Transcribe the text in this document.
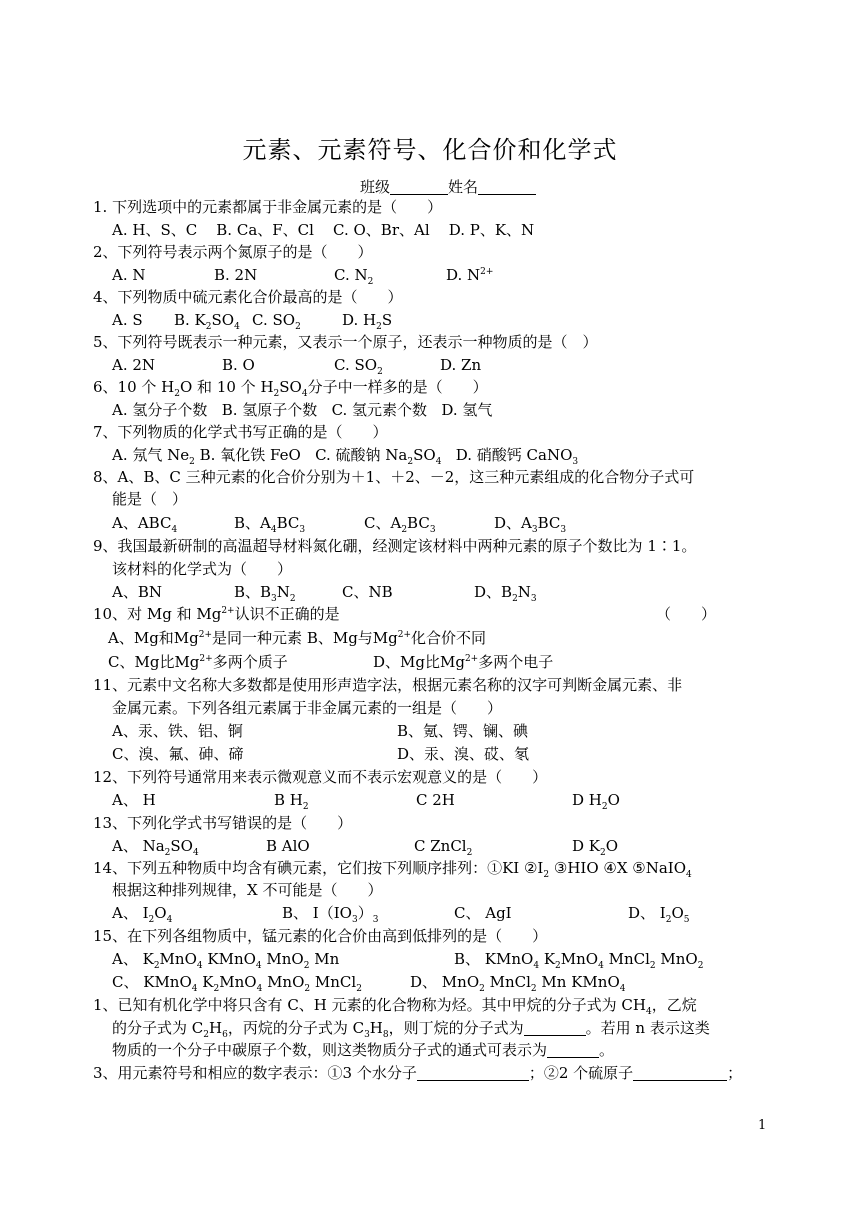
元素、元素符号、化合价和化学式
班级	姓名
1. 下列选项中的元素都属于非金属元素的是（　　）
A. H、S、C B. Ca、F、Cl C. O、Br、Al D. P、K、N
2、下列符号表示两个氮原子的是（　　）
A. N	B. 2N	C. $N_2$	D. $N^{2+}$
4、下列物质中硫元素化合价最高的是（　　）
A. S B. $K_2SO_4$ C. $SO_2$	D. $H_2S$
5、下列符号既表示一种元素，又表示一个原子，还表示一种物质的是（　）
A. 2N	B. O	C. $SO_2$	D. Zn
6、10 个 $H_2O$ 和 10 个 $H_2SO_4$分子中一样多的是（　　）
A. 氢分子个数 B. 氢原子个数 C. 氢元素个数 D. 氢气
7、下列物质的化学式书写正确的是（　　）
A. 氖气 $Ne_2$ B. 氧化铁 FeO C. 硫酸钠 $Na_2SO_4$ D. 硝酸钙 CaNO$_3$
8、A、B、C 三种元素的化合价分别为＋1、＋2、－2，这三种元素组成的化合物分子式可
能是（　）
A、$ABC_4$	B、$A_4BC_3$	C、$A_2BC_3$	D、$A_3BC_3$
9、我国最新研制的高温超导材料氮化硼，经测定该材料中两种元素的原子个数比为 1∶1。
该材料的化学式为（　　）
A、BN	B、$B_3N_2$	C、NB	D、$B_2N_3$
10、对 Mg 和 $Mg^{2+}$认识不正确的是	（　　）
A、Mg和$Mg^{2+}$是同一种元素 B、Mg与$Mg^{2+}$化合价不同
C、Mg比$Mg^{2+}$多两个质子	D、Mg比$Mg^{2+}$多两个电子
11、元素中文名称大多数都是使用形声造字法，根据元素名称的汉字可判断金属元素、非
金属元素。下列各组元素属于非金属元素的一组是（　　）
A、汞、铁、铝、锕	B、氪、锷、镧、碘
C、溴、氟、砷、碲	D、汞、溴、砹、氡
12、下列符号通常用来表示微观意义而不表示宏观意义的是（　　）
A、 H	B $H_2$	C 2H	D $H_2O$
13、下列化学式书写错误的是（　　）
A、 $Na_2SO_4$	B AlO	C ZnCl$_2$	D $K_2O$
14、下列五种物质中均含有碘元素，它们按下列顺序排列：①KI $②I_2$ ③HIO ④X ⑤NaIO$_4$
根据这种排列规律，X 不可能是（　　）
A、 $I_2O_4$	B、 $I(IO_3)_3$	C、 AgI	D、 $I_2O_5$
15、在下列各组物质中，锰元素的化合价由高到低排列的是（　　）
A、 $K_2MnO_4$ KMnO$_4$ MnO$_2$ Mn	B、 KMnO$_4$ $K_2MnO_4$ MnCl$_2$ MnO$_2$
C、 KMnO$_4$ $K_2MnO_4$ MnO$_2$ MnCl$_2$	D、 MnO$_2$ MnCl$_2$ Mn KMnO$_4$
1、已知有机化学中将只含有 C、H 元素的化合物称为烃。其中甲烷的分子式为 $CH_4$，乙烷
的分子式为 $C_2H_6$，丙烷的分子式为 $C_3H_8$，则丁烷的分子式为	。若用 n 表示这类
物质的一个分子中碳原子个数，则这类物质分子式的通式可表示为	。
3、用元素符号和相应的数字表示：①3 个水分子	；②2 个硫原子	；
1
